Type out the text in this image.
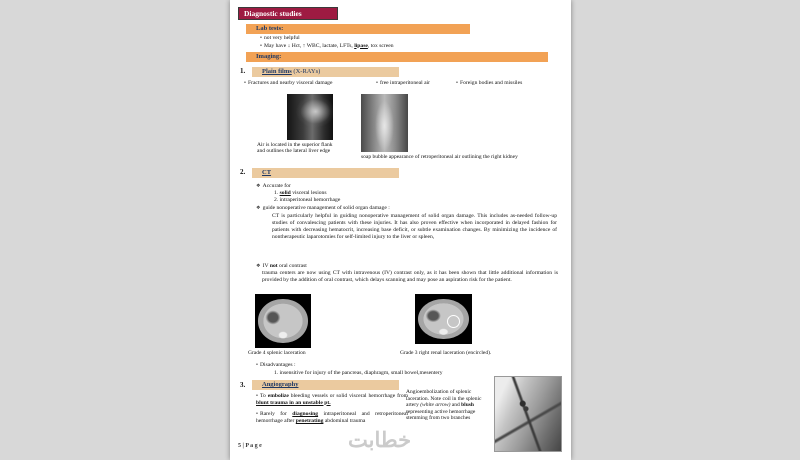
Diagnostic studies
Lab tests:
• not very helpful
• May have ↓ Hct, ↑ WBC, lactate, LFTs, lipase, tox screen
Imaging:
1.	Plain films (X-RAYs)
• Fractures and nearby visceral damage	• free intraperitoneal air	• Foreign bodies and missiles
Air is located in the superior flank and outlines the lateral liver edge
soap bubble appearance of retroperitoneal air outlining the right kidney
2.	CT
❖ Accurate for
1. solid visceral lesions
2. intraperitoneal hemorrhage
❖ guide nonoperative management of solid organ damage :
CT is particularly helpful in guiding nonoperative management of solid organ damage. This includes as-needed follow-up studies of convalescing patients with these injuries. It has also proven effective when incorporated in delayed fashion for patients with decreasing hematocrit, increasing base deficit, or subtle examination changes. By minimizing the incidence of nontherapeutic laparotomies for self-limited injury to the liver or spleen,
❖ IV not oral contrast
trauma centers are now using CT with intravenous (IV) contrast only, as it has been shown that little additional information is provided by the addition of oral contrast, which delays scanning and may pose an aspiration risk for the patient.
Grade 4 splenic laceration	Grade 3 right renal laceration (encircled).
• Disadvantages :
1. insensitive for injury of the pancreas, diaphragm, small bowel,mesentery
3.	Angiography
• To embolize bleeding vessels or solid visceral hemorrhage from blunt trauma in an unstable pt.
• Rarely for diagnosing intraperitoneal and retroperitoneal hemorrhage after penetrating abdominal trauma
Angioembolization of splenic laceration. Note coil in the splenic artery (white arrow) and blush representing active hemorrhage stemming from two branches
5 | P a g e	خطابت
